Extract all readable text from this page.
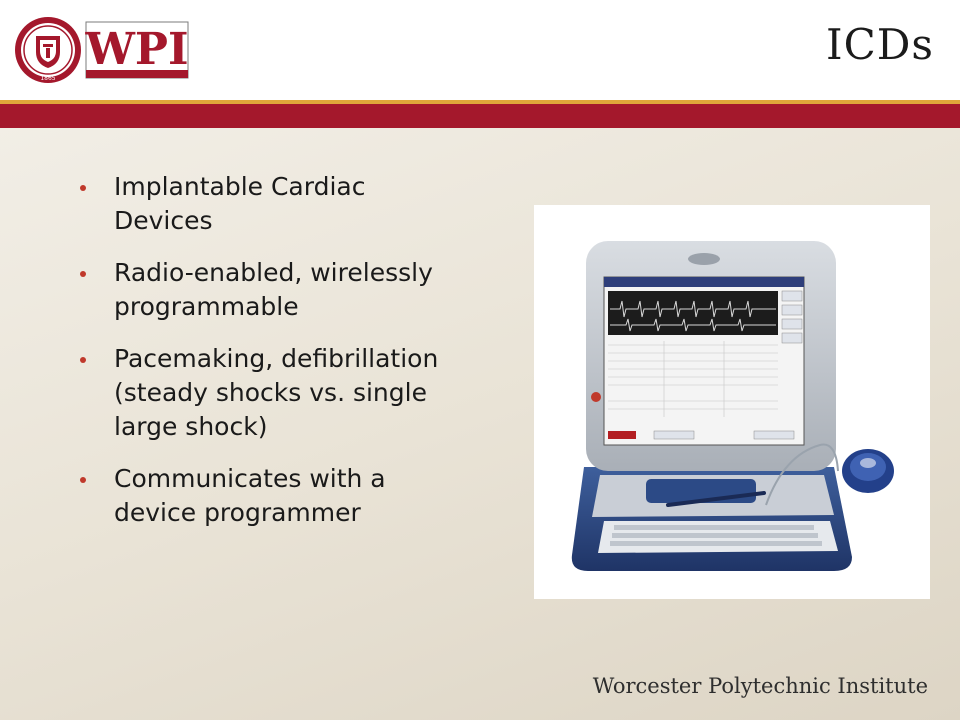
1865
WPI	ICDs
Implantable Cardiac
Devices
Radio-enabled, wirelessly
programmable
Pacemaking, defibrillation
(steady shocks vs. single
large shock)
Communicates with a
device programmer
Worcester Polytechnic Institute
